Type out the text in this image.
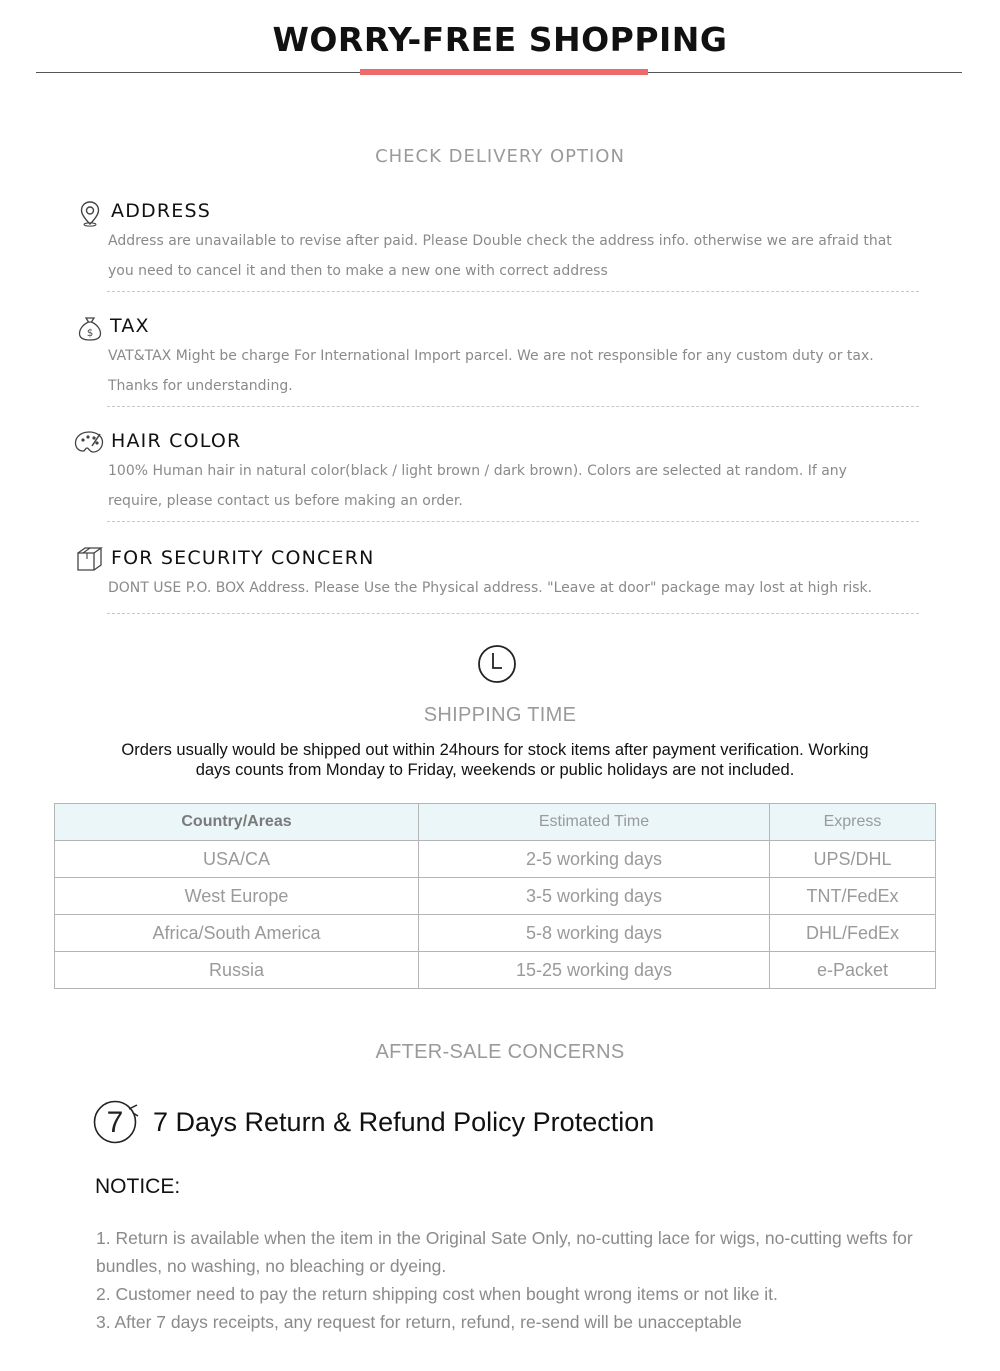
WORRY-FREE SHOPPING
CHECK DELIVERY OPTION
ADDRESS
Address are unavailable to revise after paid. Please Double check the address info. otherwise we are afraid that
you need to cancel it and then to make a new one with correct address
$ TAX
VAT&TAX Might be charge For International Import parcel. We are not responsible for any custom duty or tax.
Thanks for understanding.
HAIR COLOR
100% Human hair in natural color(black / light brown / dark brown). Colors are selected at random. If any
require, please contact us before making an order.
FOR SECURITY CONCERN
DONT USE P.O. BOX Address. Please Use the Physical address. "Leave at door" package may lost at high risk.
SHIPPING TIME
Orders usually would be shipped out within 24hours for stock items after payment verification. Working
days counts from Monday to Friday, weekends or public holidays are not included.
Country/Areas	Estimated Time	Express
USA/CA	2-5 working days	UPS/DHL
West Europe	3-5 working days	TNT/FedEx
Africa/South America	5-8 working days	DHL/FedEx
Russia	15-25 working days	e-Packet
AFTER-SALE CONCERNS
7 7 Days Return & Refund Policy Protection
NOTICE:
1. Return is available when the item in the Original Sate Only, no-cutting lace for wigs, no-cutting wefts for bundles, no washing, no bleaching or dyeing.
2. Customer need to pay the return shipping cost when bought wrong items or not like it.
3. After 7 days receipts, any request for return, refund, re-send will be unacceptable
